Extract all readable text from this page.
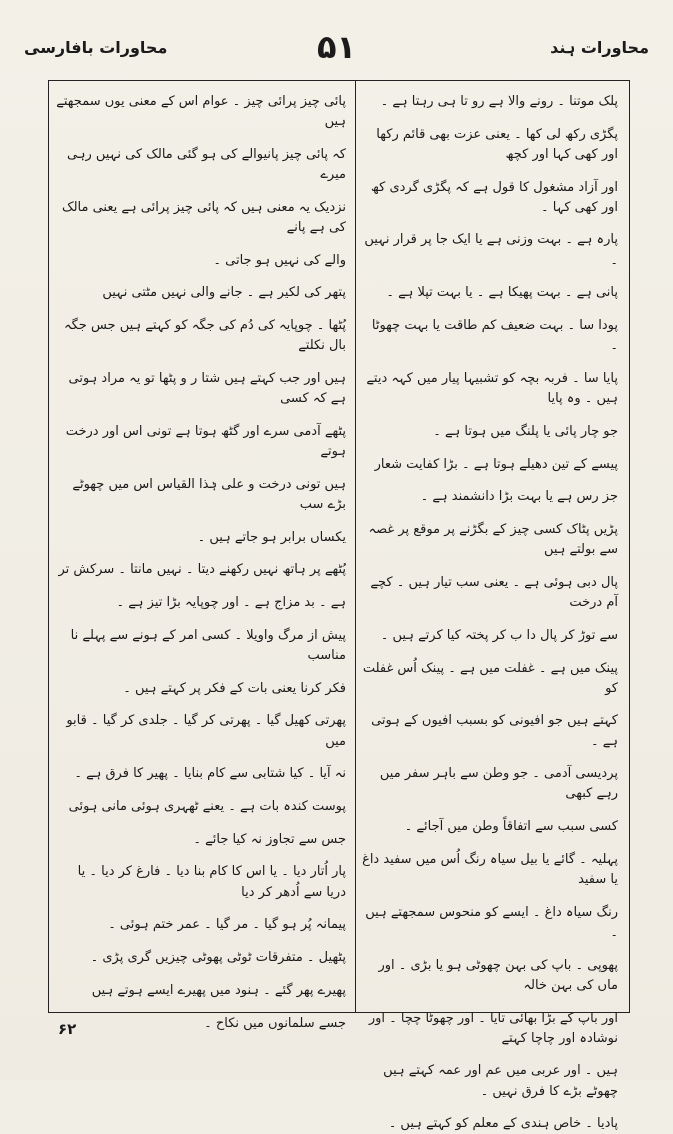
محاورات بافارسی	۵۱	محاورات ہند
پلک موتنا ۔ رونے والا ہے رو تا ہی رہتا ہے ۔
پگڑی رکھ لی کھا ۔ یعنی عزت بھی قائم رکھا اور کھی کہا اور کچھ
اور آزاد مشغول کا قول ہے کہ پگڑی گردی کھ اور کھی کہا ۔
پارہ ہے ۔ بہت وزنی ہے یا ایک جا پر قرار نہیں ۔
پانی ہے ۔ بہت پھیکا ہے ۔ یا بہت تپلا ہے ۔
پودا سا ۔ بہت ضعیف کم طاقت یا بہت چھوٹا ۔
پایا سا ۔ فربہ بچہ کو تشبیہا پیار میں کہہ دیتے ہیں ۔ وہ پایا
جو چار پائی یا پلنگ میں ہوتا ہے ۔
پیسے کے تین دھیلے ہوتا ہے ۔ بڑا کفایت شعار
جز رس ہے یا بہت بڑا دانشمند ہے ۔
پڑیں پٹاک کسی چیز کے بگڑنے پر موقع پر غصہ سے بولتے ہیں
پال دبی ہوئی ہے ۔ یعنی سب تیار ہیں ۔ کچے آم درخت
سے توڑ کر پال دا ب کر پختہ کیا کرتے ہیں ۔
پینک میں ہے ۔ غفلت میں ہے ۔ پینک اُس غفلت کو
کہتے ہیں جو افیونی کو بسبب افیوں کے ہوتی ہے ۔
پردیسی آدمی ۔ جو وطن سے باہر سفر میں رہے کبھی
کسی سبب سے اتفاقاً وطن میں آجائے ۔
پہلیہ ۔ گائے یا بیل سیاہ رنگ اُس میں سفید داغ یا سفید
رنگ سیاہ داغ ۔ ایسے کو منحوس سمجھتے ہیں ۔
پھوپی ۔ باپ کی بہن چھوٹی ہو یا بڑی ۔ اور ماں کی بہن خالہ
اور باپ کے بڑا بھائی تایا ۔ اور چھوٹا چچا ۔ اور نوشادہ اور چاچا کہتے
ہیں ۔ اور عربی میں عم اور عمہ کہتے ہیں چھوٹے بڑے کا فرق نہیں ۔
پادیا ۔ خاص ہندی کے معلم کو کہتے ہیں ۔
پائی چیز پرائی چیز ۔ عوام اس کے معنی یوں سمجھتے ہیں
کہ پائی چیز پانیوالے کی ہو گئی مالک کی نہیں رہی میرے
نزدیک یہ معنی ہیں کہ پائی چیز پرائی ہے یعنی مالک کی ہے پانے
والے کی نہیں ہو جاتی ۔
پتھر کی لکیر ہے ۔ جانے والی نہیں مٹتی نہیں
پُٹھا ۔ چوپایہ کی دُم کی جگہ کو کہتے ہیں جس جگہ بال نکلتے
ہیں اور جب کہتے ہیں شتا ر و پٹھا تو یہ مراد ہوتی ہے کہ کسی
پٹھے آدمی سرے اور گٹھ ہوتا ہے تونی اس اور درخت ہوتے
ہیں تونی درخت و علی ہٰذا القیاس اس میں چھوٹے بڑے سب
یکساں برابر ہو جاتے ہیں ۔
پُٹھے پر ہاتھ نہیں رکھنے دیتا ۔ نہیں مانتا ۔ سرکش تر
ہے ۔ بد مزاج ہے ۔ اور چوپایہ بڑا تیز ہے ۔
پیش از مرگ واویلا ۔ کسی امر کے ہونے سے پہلے نا مناسب
فکر کرنا یعنی بات کے فکر پر کہتے ہیں ۔
پھرتی کھیل گیا ۔ پھرتی کر گیا ۔ جلدی کر گیا ۔ قابو میں
نہ آیا ۔ کیا شتابی سے کام بنایا ۔ پھیر کا فرق ہے ۔
پوست کندہ بات ہے ۔ یعنے ٹھہری ہوئی مانی ہوئی
جس سے تجاوز نہ کیا جائے ۔
پار اُتار دیا ۔ یا اس کا کام بنا دیا ۔ فارغ کر دیا ۔ یا دریا سے اُدھر کر دیا
پیمانہ پُر ہو گیا ۔ مر گیا ۔ عمر ختم ہوئی ۔
پٹھیل ۔ متفرقات ٹوٹی پھوٹی چیزیں گری پڑی ۔
پھیرے پھر گئے ۔ ہنود میں پھیرے ایسے ہوتے ہیں
جسے سلمانوں میں نکاح ۔
۶۲
